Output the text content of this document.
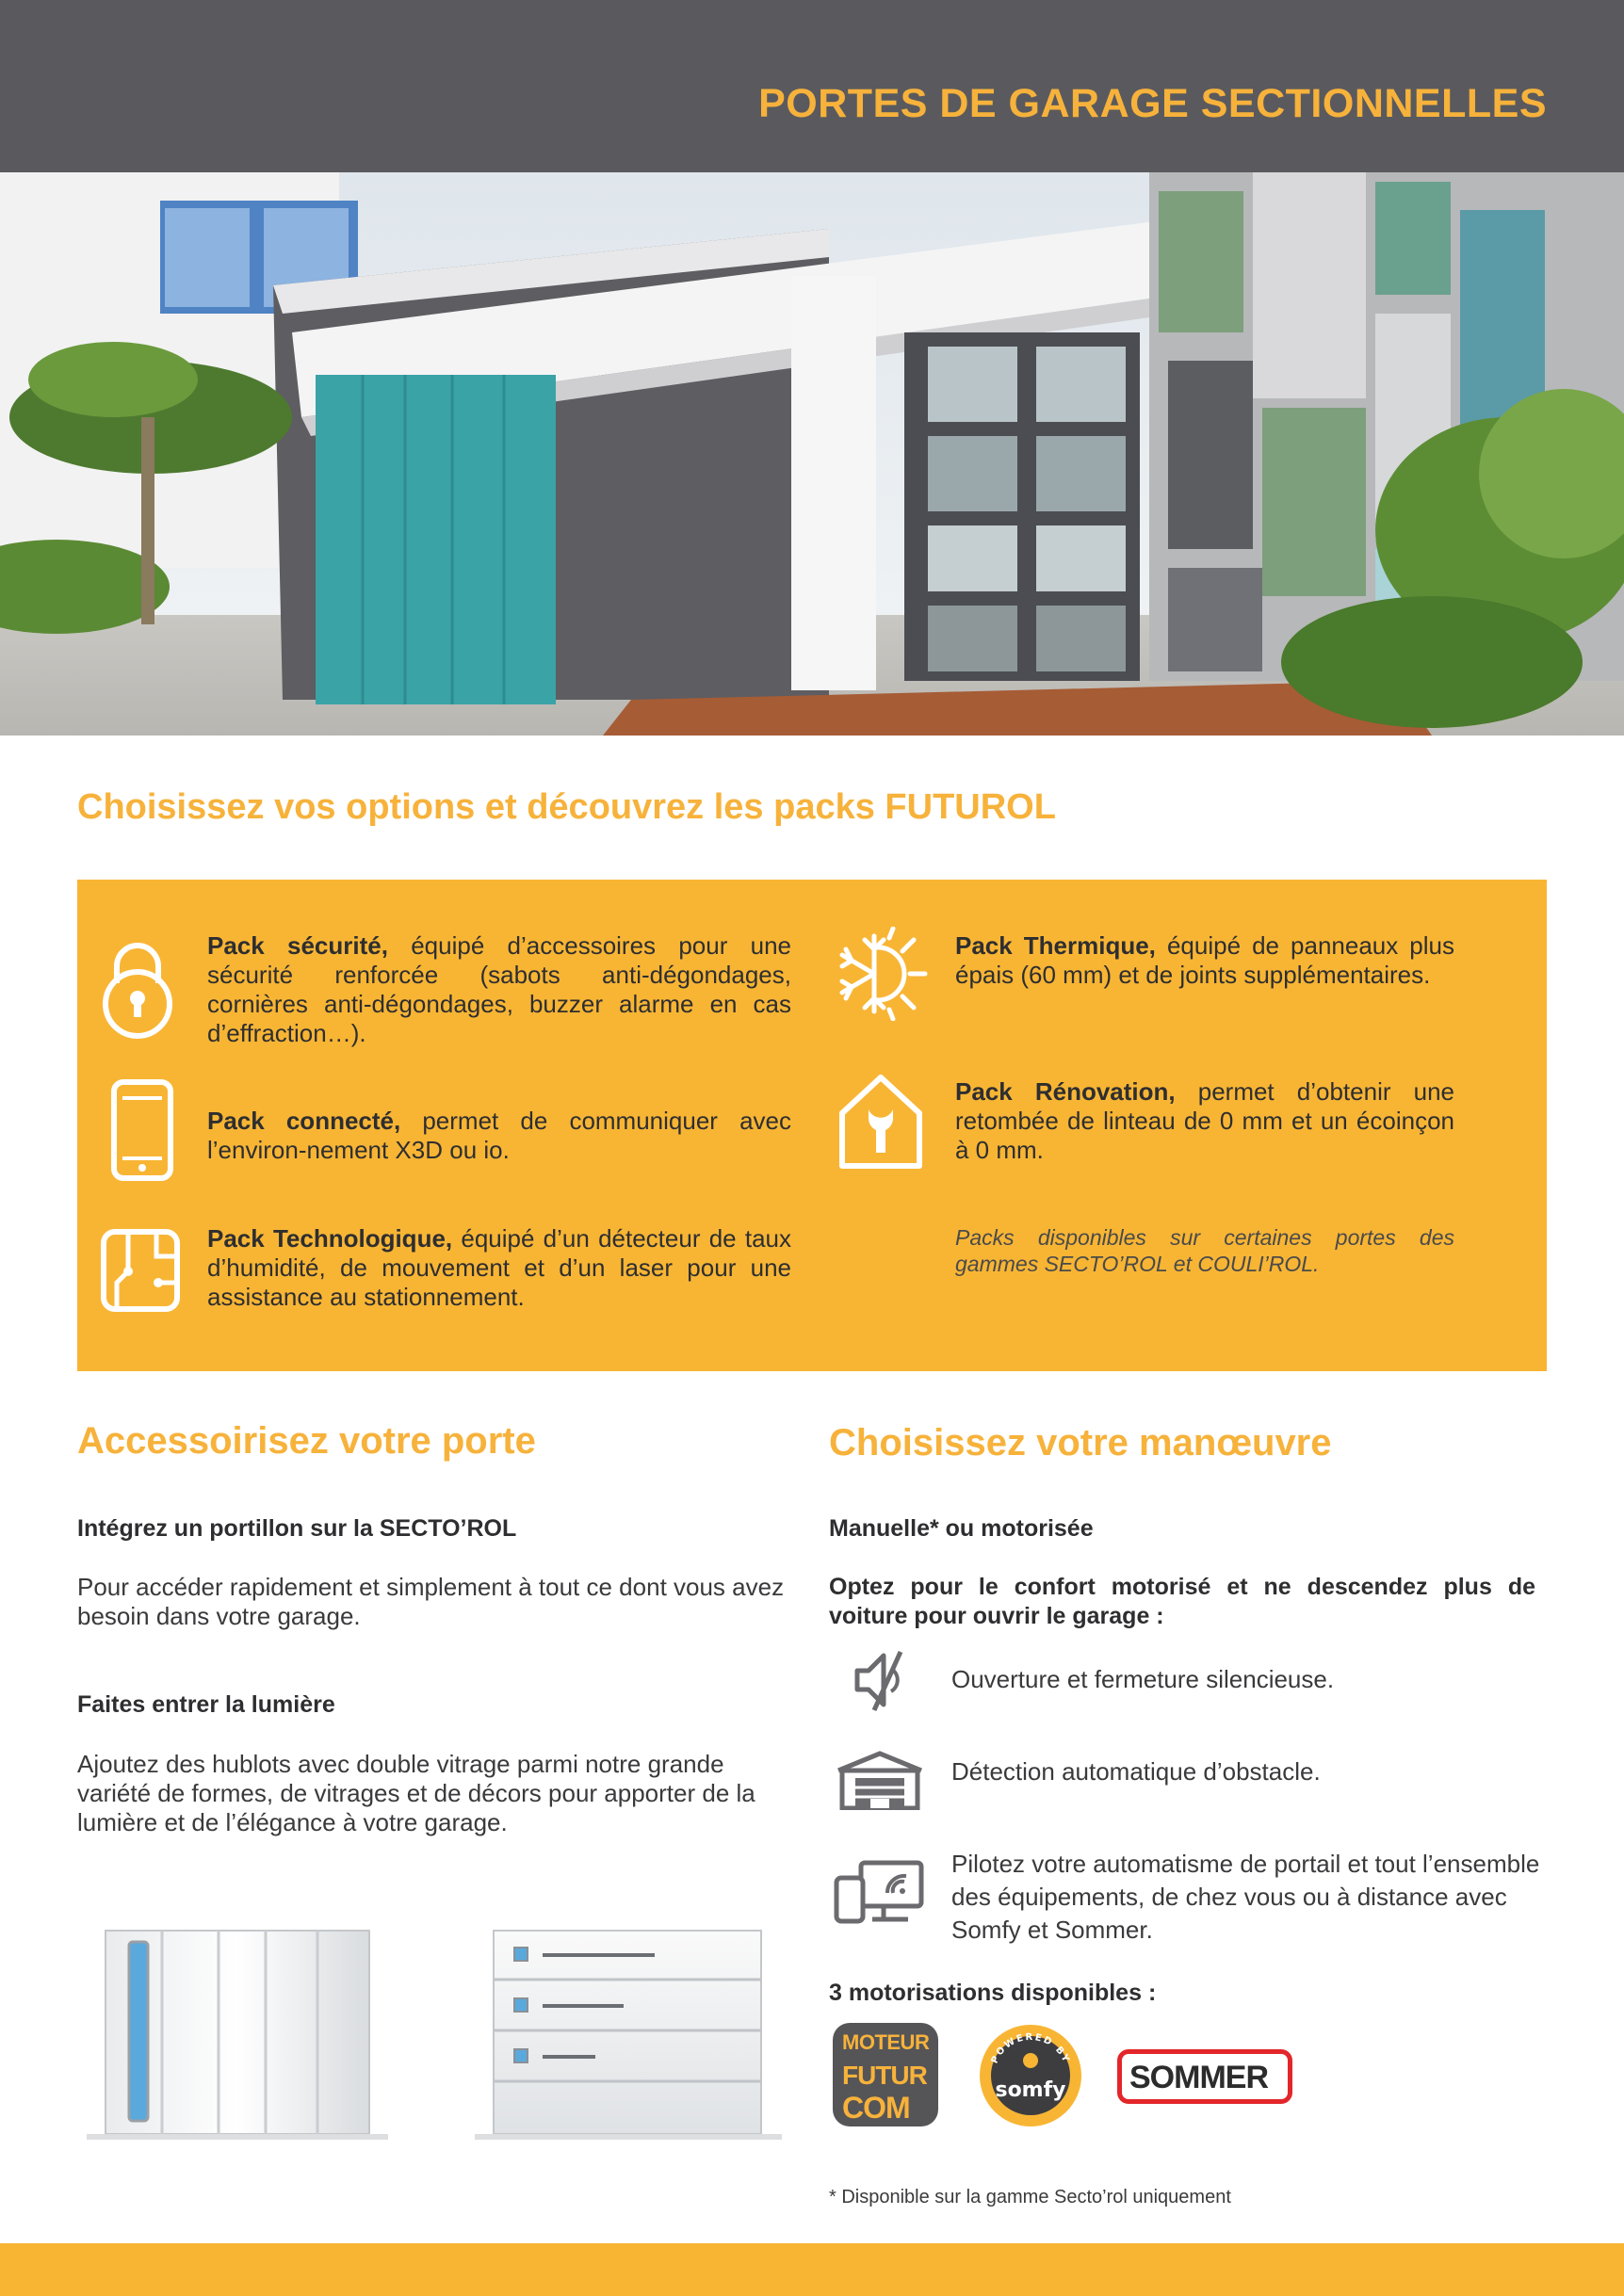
PORTES DE GARAGE SECTIONNELLES
Choisissez vos options et découvrez les packs FUTUROL
Pack sécurité, équipé d’accessoires pour une sécurité renforcée (sabots anti-dégondages, cornières anti-dégondages, buzzer alarme en cas d’effraction…).
Pack connecté, permet de communiquer avec l’environ-nement X3D ou io.
Pack Technologique, équipé d’un détecteur de taux d’humidité, de mouvement et d’un laser pour une assistance au stationnement.
Pack Thermique, équipé de panneaux plus épais (60 mm) et de joints supplémentaires.
Pack Rénovation, permet d’obtenir une retombée de linteau de 0 mm et un écoinçon à 0 mm.
Packs disponibles sur certaines portes des gammes SECTO’ROL et COULI’ROL.
Accessoirisez votre porte
Intégrez un portillon sur la SECTO’ROL
Pour accéder rapidement et simplement à tout ce dont vous avez besoin dans votre garage.
Faites entrer la lumière
Ajoutez des hublots avec double vitrage parmi notre grande variété de formes, de vitrages et de décors pour apporter de la lumière et de l’élégance à votre garage.
Choisissez votre manœuvre
Manuelle* ou motorisée
Optez pour le confort motorisé et ne descendez plus de voiture pour ouvrir le garage :
Ouverture et fermeture silencieuse.
Détection automatique d’obstacle.
Pilotez votre automatisme de portail et tout l’ensemble des équipements, de chez vous ou à distance avec Somfy et Sommer.
3 motorisations disponibles :
MOTEUR
FUTUR
COM
POWERED BY
somfy SOMMER
* Disponible sur la gamme Secto’rol uniquement
